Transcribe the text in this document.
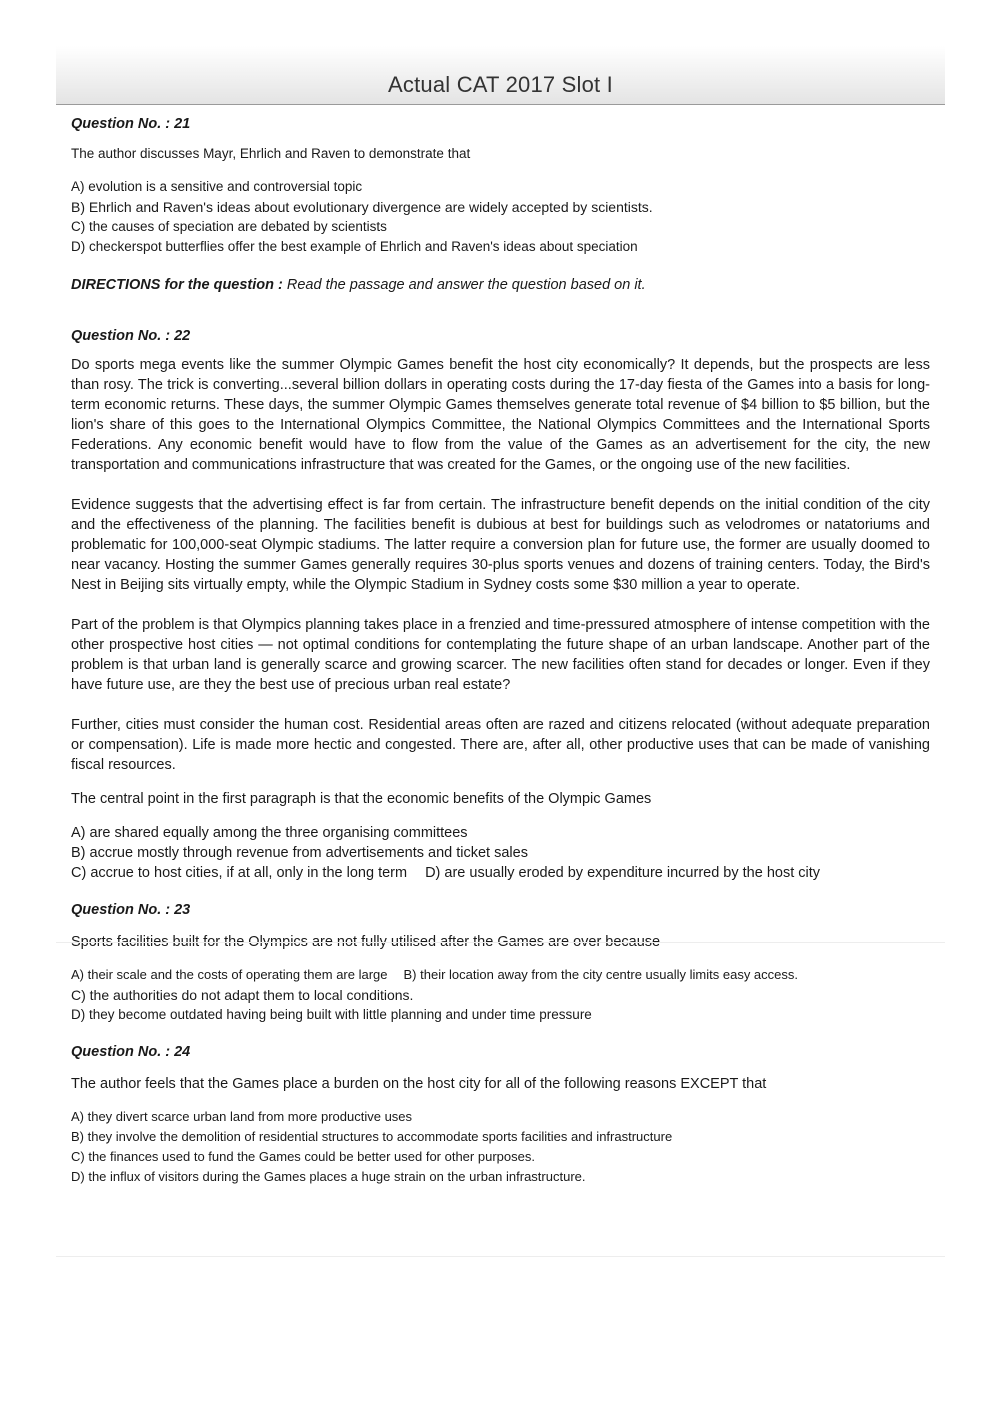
Actual CAT 2017 Slot I

Question No. : 21

The author discusses Mayr, Ehrlich and Raven to demonstrate that

A) evolution is a sensitive and controversial topic

B) Ehrlich and Raven's ideas about evolutionary divergence are widely accepted by scientists.

C) the causes of speciation are debated by scientists

D) checkerspot butterflies offer the best example of Ehrlich and Raven's ideas about speciation

DIRECTIONS for the question : Read the passage and answer the question based on it.

Question No. : 22

Do sports mega events like the summer Olympic Games benefit the host city economically? It depends, but the prospects are less than rosy. The trick is converting...several billion dollars in operating costs during the 17-day fiesta of the Games into a basis for long-term economic returns. These days, the summer Olympic Games themselves generate total revenue of $4 billion to $5 billion, but the lion's share of this goes to the International Olympics Committee, the National Olympics Committees and the International Sports Federations. Any economic benefit would have to flow from the value of the Games as an advertisement for the city, the new transportation and communications infrastructure that was created for the Games, or the ongoing use of the new facilities.

Evidence suggests that the advertising effect is far from certain. The infrastructure benefit depends on the initial condition of the city and the effectiveness of the planning. The facilities benefit is dubious at best for buildings such as velodromes or natatoriums and problematic for 100,000-seat Olympic stadiums. The latter require a conversion plan for future use, the former are usually doomed to near vacancy. Hosting the summer Games generally requires 30-plus sports venues and dozens of training centers. Today, the Bird's Nest in Beijing sits virtually empty, while the Olympic Stadium in Sydney costs some $30 million a year to operate.

Part of the problem is that Olympics planning takes place in a frenzied and time-pressured atmosphere of intense competition with the other prospective host cities — not optimal conditions for contemplating the future shape of an urban landscape. Another part of the problem is that urban land is generally scarce and growing scarcer. The new facilities often stand for decades or longer. Even if they have future use, are they the best use of precious urban real estate?

Further, cities must consider the human cost. Residential areas often are razed and citizens relocated (without adequate preparation or compensation). Life is made more hectic and congested. There are, after all, other productive uses that can be made of vanishing fiscal resources.

The central point in the first paragraph is that the economic benefits of the Olympic Games

A) are shared equally among the three organising committees

B) accrue mostly through revenue from advertisements and ticket sales

C) accrue to host cities, if at all, only in the long term D) are usually eroded by expenditure incurred by the host city

Question No. : 23

Sports facilities built for the Olympics are not fully utilised after the Games are over because

A) their scale and the costs of operating them are large B) their location away from the city centre usually limits easy access.

C) the authorities do not adapt them to local conditions.

D) they become outdated having being built with little planning and under time pressure

Question No. : 24

The author feels that the Games place a burden on the host city for all of the following reasons EXCEPT that

A) they divert scarce urban land from more productive uses

B) they involve the demolition of residential structures to accommodate sports facilities and infrastructure

C) the finances used to fund the Games could be better used for other purposes.

D) the influx of visitors during the Games places a huge strain on the urban infrastructure.
